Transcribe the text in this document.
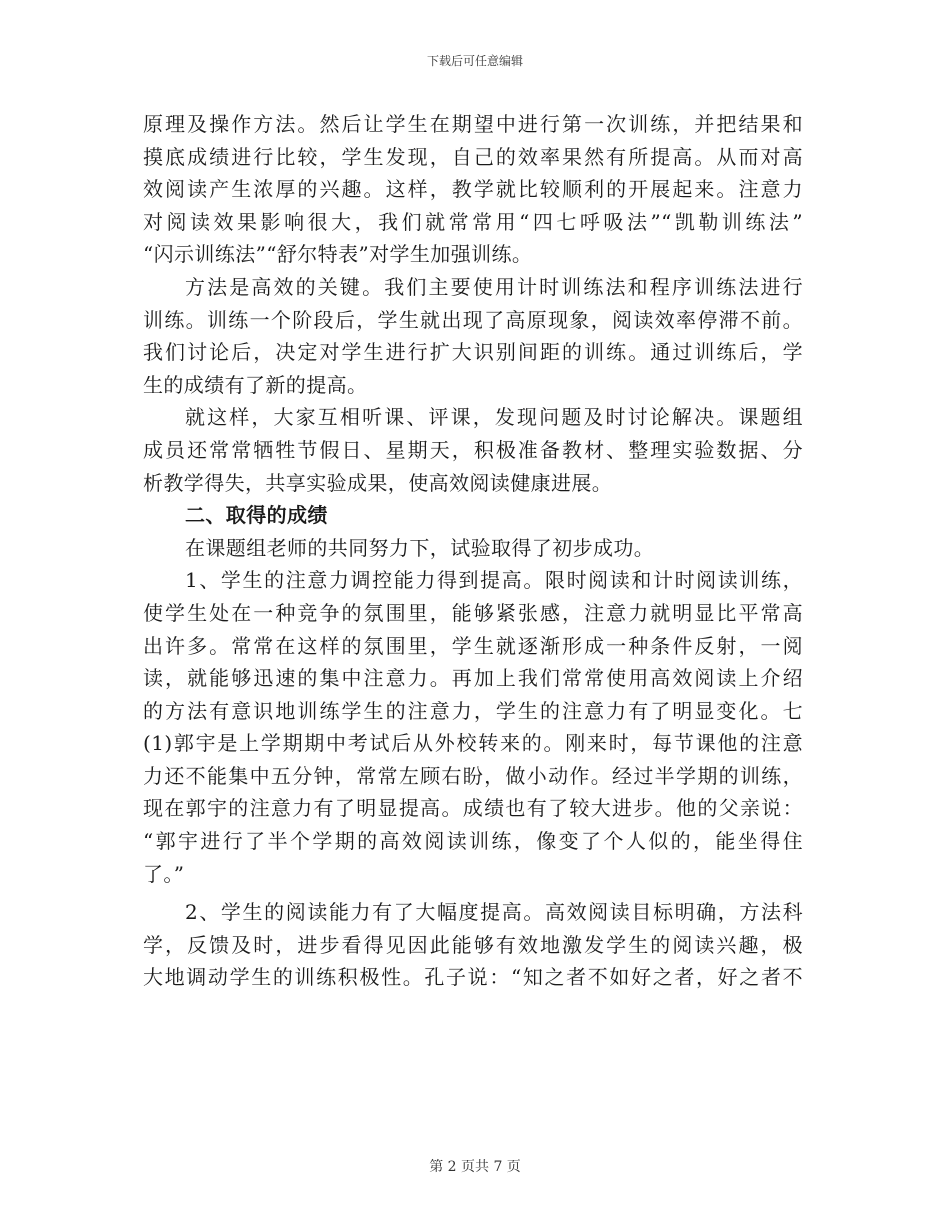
下载后可任意编辑
原理及操作方法。然后让学生在期望中进行第一次训练，并把结果和
摸底成绩进行比较，学生发现，自己的效率果然有所提高。从而对高
效阅读产生浓厚的兴趣。这样，教学就比较顺利的开展起来。注意力
对阅读效果影响很大，我们就常常用“四七呼吸法”“凯勒训练法”
“闪示训练法”“舒尔特表”对学生加强训练。
方法是高效的关键。我们主要使用计时训练法和程序训练法进行
训练。训练一个阶段后，学生就出现了高原现象，阅读效率停滞不前。
我们讨论后，决定对学生进行扩大识别间距的训练。通过训练后，学
生的成绩有了新的提高。
就这样，大家互相听课、评课，发现问题及时讨论解决。课题组
成员还常常牺牲节假日、星期天，积极准备教材、整理实验数据、分
析教学得失，共享实验成果，使高效阅读健康进展。
二、取得的成绩
在课题组老师的共同努力下，试验取得了初步成功。
1、学生的注意力调控能力得到提高。限时阅读和计时阅读训练，
使学生处在一种竞争的氛围里，能够紧张感，注意力就明显比平常高
出许多。常常在这样的氛围里，学生就逐渐形成一种条件反射，一阅
读，就能够迅速的集中注意力。再加上我们常常使用高效阅读上介绍
的方法有意识地训练学生的注意力，学生的注意力有了明显变化。七
(1)郭宇是上学期期中考试后从外校转来的。刚来时，每节课他的注意
力还不能集中五分钟，常常左顾右盼，做小动作。经过半学期的训练，
现在郭宇的注意力有了明显提高。成绩也有了较大进步。他的父亲说：
“郭宇进行了半个学期的高效阅读训练，像变了个人似的，能坐得住
了。”
2、学生的阅读能力有了大幅度提高。高效阅读目标明确，方法科
学，反馈及时，进步看得见因此能够有效地激发学生的阅读兴趣，极
大地调动学生的训练积极性。孔子说：“知之者不如好之者，好之者不
第 2 页共 7 页
